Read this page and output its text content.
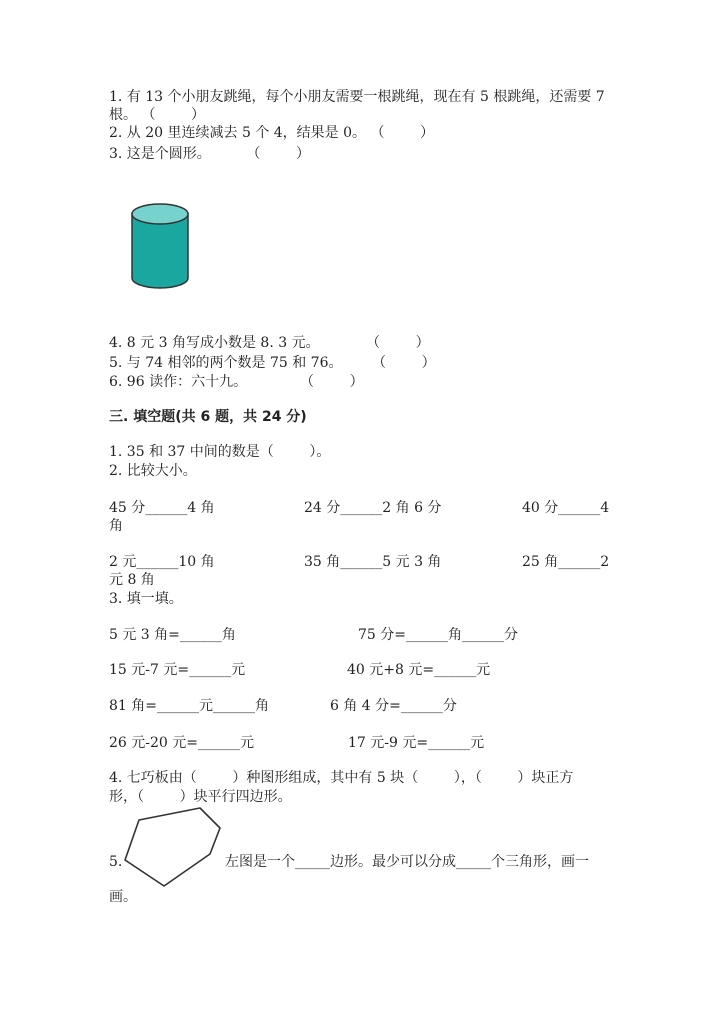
1. 有 13 个小朋友跳绳，每个小朋友需要一根跳绳，现在有 5 根跳绳，还需要 7
根。 （        ）
2. 从 20 里连续减去 5 个 4，结果是 0。 （        ）
3. 这是个圆形。        （        ）
4. 8 元 3 角写成小数是 8. 3 元。	（        ）
5. 与 74 相邻的两个数是 75 和 76。 （        ）
6. 96 读作：六十九。	（        ）
三. 填空题(共 6 题，共 24 分)
1. 35 和 37 中间的数是（        ）。
2. 比较大小。
45 分______4 角	24 分______2 角 6 分	40 分______4
角
2 元______10 角	35 角______5 元 3 角	25 角______2
元 8 角
3. 填一填。
5 元 3 角=______角	75 分=______角______分
15 元-7 元=______元	40 元+8 元=______元
81 角=______元______角	6 角 4 分=______分
26 元-20 元=______元	17 元-9 元=______元
4. 七巧板由（        ）种图形组成，其中有 5 块（        ），（        ）块正方
形，（        ）块平行四边形。
5.	左图是一个_____边形。最少可以分成_____个三角形，画一
画。
